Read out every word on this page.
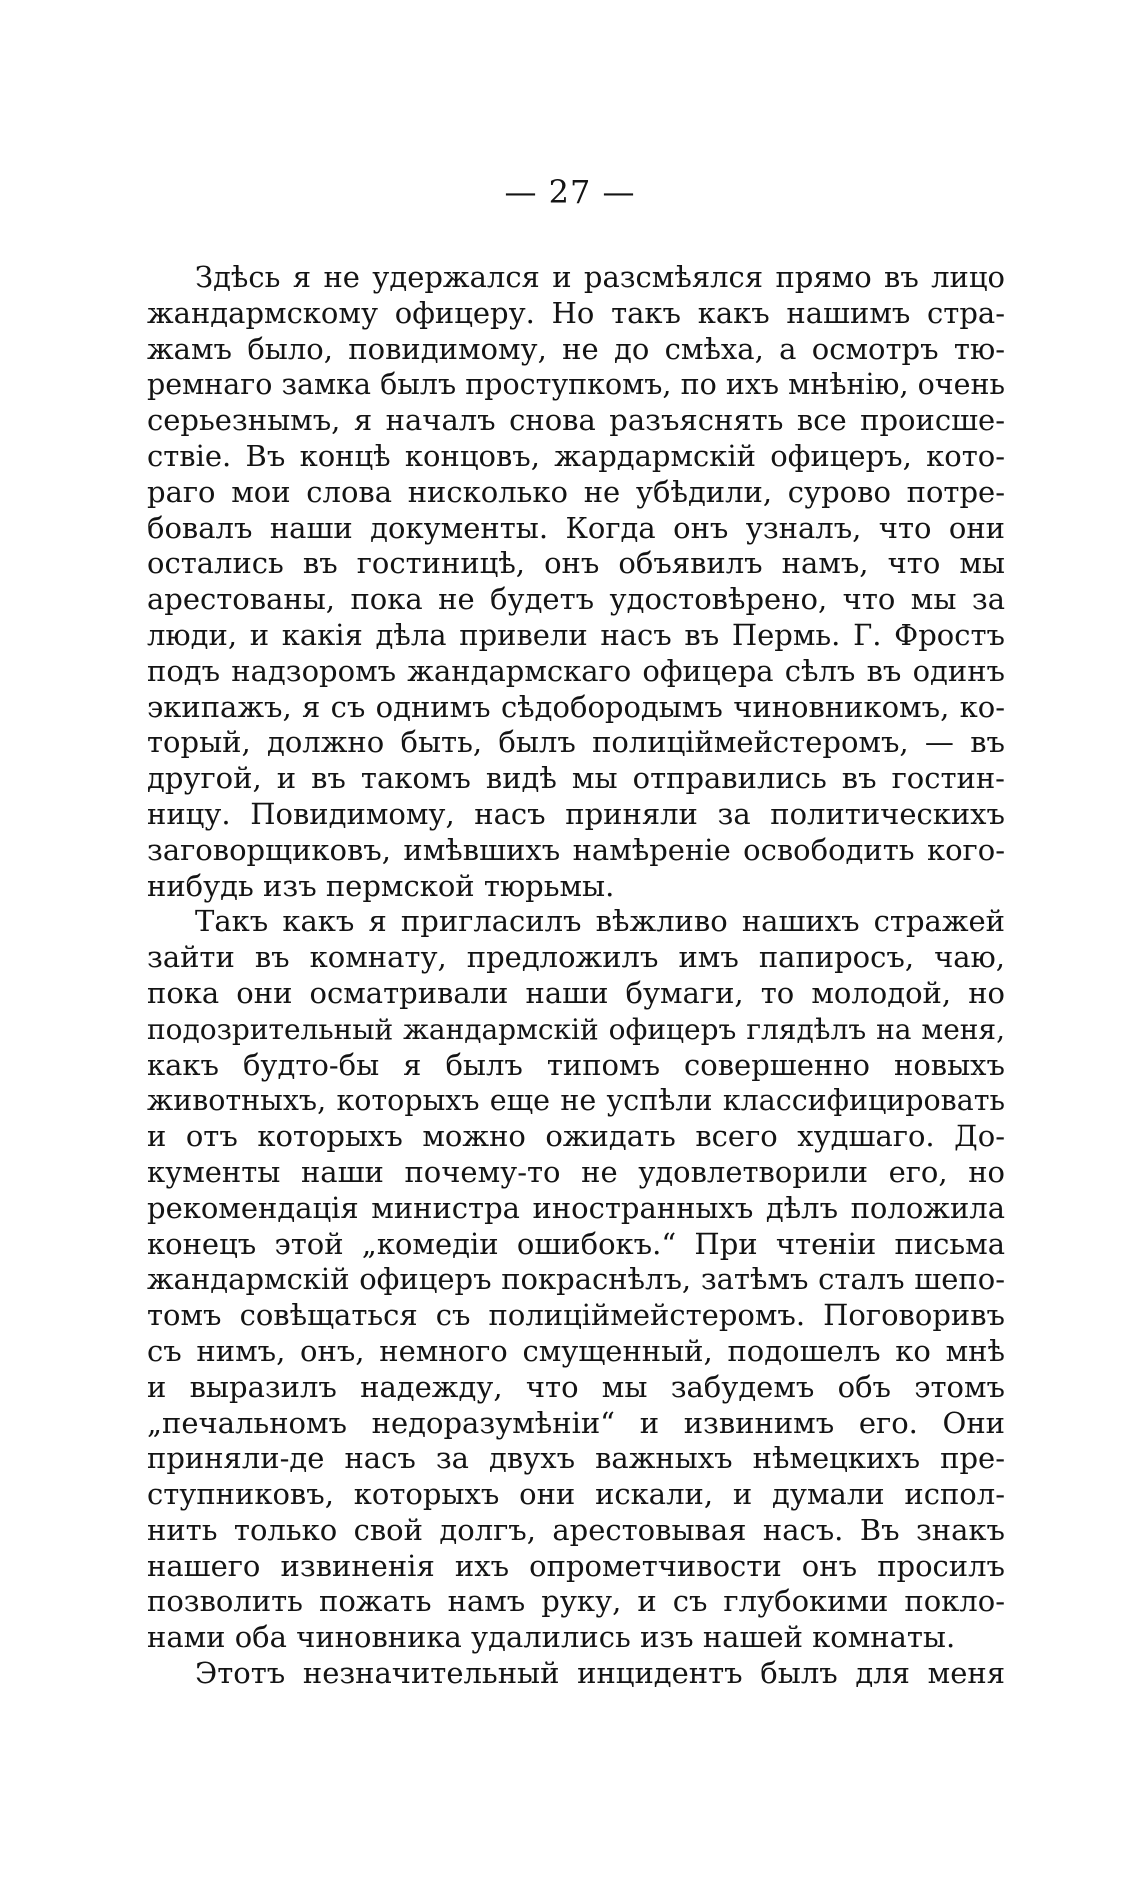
— 27 —
Здѣсь я не удержался и разсмѣялся прямо въ лицо
жандармскому офицеру. Но такъ какъ нашимъ стра-
жамъ было, повидимому, не до смѣха, а осмотръ тю-
ремнаго замка былъ проступкомъ, по ихъ мнѣнію, очень
серьезнымъ, я началъ снова разъяснять все происше-
ствіе. Въ концѣ концовъ, жардармскій офицеръ, кото-
раго мои слова нисколько не убѣдили, сурово потре-
бовалъ наши документы. Когда онъ узналъ, что они
остались въ гостиницѣ, онъ объявилъ намъ, что мы
арестованы, пока не будетъ удостовѣрено, что мы за
люди, и какія дѣла привели насъ въ Пермь. Г. Фростъ
подъ надзоромъ жандармскаго офицера сѣлъ въ одинъ
экипажъ, я съ однимъ сѣдобородымъ чиновникомъ, ко-
торый, должно быть, былъ полиціймейстеромъ, — въ
другой, и въ такомъ видѣ мы отправились въ гостин-
ницу. Повидимому, насъ приняли за политическихъ
заговорщиковъ, имѣвшихъ намѣреніе освободить кого-
нибудь изъ пермской тюрьмы.
Такъ какъ я пригласилъ вѣжливо нашихъ стражей
зайти въ комнату, предложилъ имъ папиросъ, чаю,
пока они осматривали наши бумаги, то молодой, но
подозрительный жандармскій офицеръ глядѣлъ на меня,
какъ будто-бы я былъ типомъ совершенно новыхъ
животныхъ, которыхъ еще не успѣли классифицировать
и отъ которыхъ можно ожидать всего худшаго. До-
кументы наши почему-то не удовлетворили его, но
рекомендація министра иностранныхъ дѣлъ положила
конецъ этой „комедіи ошибокъ.“ При чтеніи письма
жандармскій офицеръ покраснѣлъ, затѣмъ сталъ шепо-
томъ совѣщаться съ полиціймейстеромъ. Поговоривъ
съ нимъ, онъ, немного смущенный, подошелъ ко мнѣ
и выразилъ надежду, что мы забудемъ объ этомъ
„печальномъ недоразумѣніи“ и извинимъ его. Они
приняли-де насъ за двухъ важныхъ нѣмецкихъ пре-
ступниковъ, которыхъ они искали, и думали испол-
нить только свой долгъ, арестовывая насъ. Въ знакъ
нашего извиненія ихъ опрометчивости онъ просилъ
позволить пожать намъ руку, и съ глубокими покло-
нами оба чиновника удалились изъ нашей комнаты.
Этотъ незначительный инцидентъ былъ для меня
